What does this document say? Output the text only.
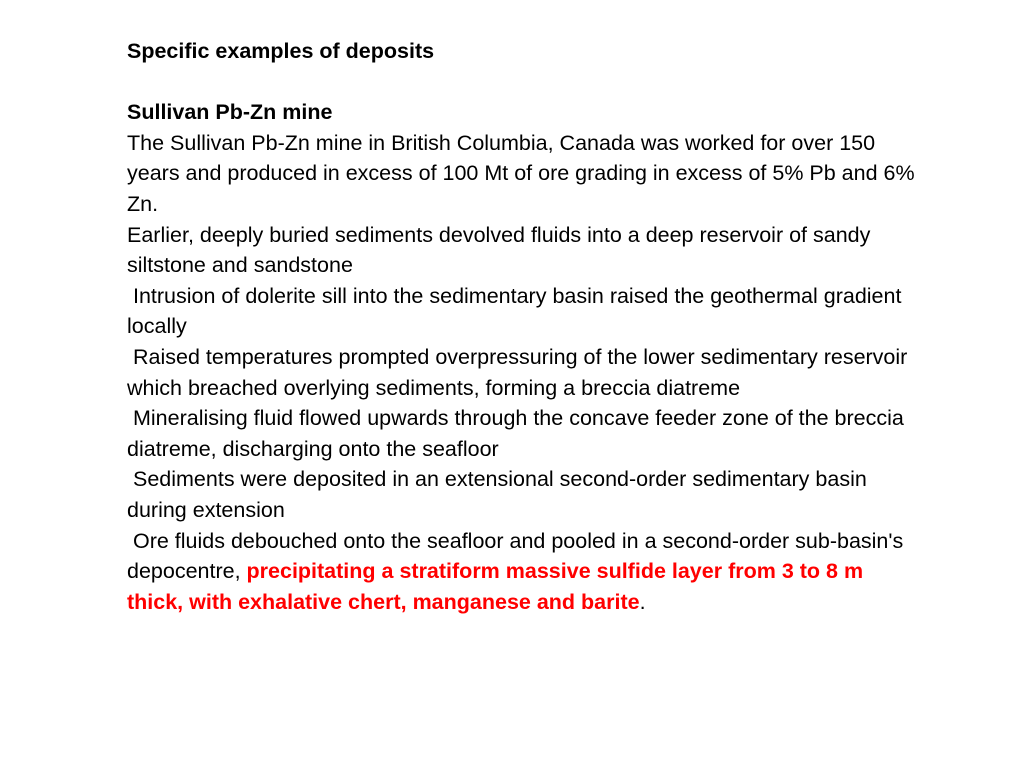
Specific examples of deposits

Sullivan Pb-Zn mine

The Sullivan Pb-Zn mine in British Columbia, Canada was worked for over 150 years and produced in excess of 100 Mt of ore grading in excess of 5% Pb and 6% Zn.

Earlier, deeply buried sediments devolved fluids into a deep reservoir of sandy siltstone and sandstone

Intrusion of dolerite sill into the sedimentary basin raised the geothermal gradient locally

Raised temperatures prompted overpressuring of the lower sedimentary reservoir which breached overlying sediments, forming a breccia diatreme

Mineralising fluid flowed upwards through the concave feeder zone of the breccia diatreme, discharging onto the seafloor

Sediments were deposited in an extensional second-order sedimentary basin during extension

Ore fluids debouched onto the seafloor and pooled in a second-order sub-basin's depocentre, precipitating a stratiform massive sulfide layer from 3 to 8 m thick, with exhalative chert, manganese and barite.
